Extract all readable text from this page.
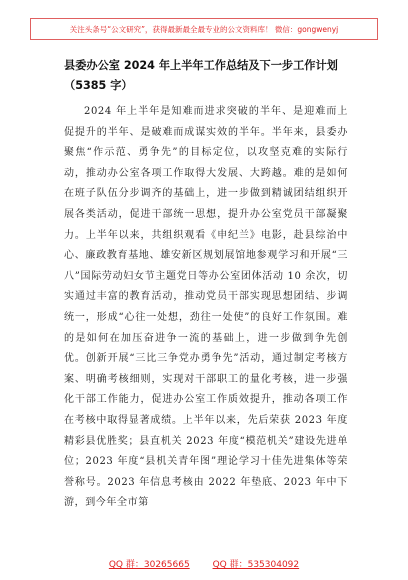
关注头条号“公文研究”，获得最新最全最专业的公文资料库！ 微信：gongwenyj
县委办公室 2024 年上半年工作总结及下一步工作计划（5385 字）

2024 年上半年是知难而进求突破的半年、是迎难而上促提升的半年、是破难而成谋实效的半年。半年来，县委办聚焦“作示范、勇争先”的目标定位，以攻坚克难的实际行动，推动办公室各项工作取得大发展、大跨越。难的是如何在班子队伍分步调齐的基础上，进一步做到精诚团结组织开展各类活动，促进干部统一思想，提升办公室党员干部凝聚力。上半年以来，共组织观看《申纪兰》电影，赴县综治中心、廉政教育基地、雄安新区规划展馆地参观学习和开展“三八”国际劳动妇女节主题党日等办公室团体活动 10 余次，切实通过丰富的教育活动，推动党员干部实现思想团结、步调统一，形成“心往一处想，劲往一处使”的良好工作氛围。难的是如何在加压奋进争一流的基础上，进一步做到争先创优。创新开展“三比三争党办勇争先”活动，通过制定考核方案、明确考核细则，实现对干部职工的量化考核，进一步强化干部工作能力，促进办公室工作质效提升，推动各项工作在考核中取得显著成绩。上半年以来，先后荣获 2023 年度精彩县优胜奖；县直机关 2023 年度“模范机关”建设先进单位；2023 年度“县机关青年图”理论学习十佳先进集体等荣誉称号。2023 年信息考核由 2022 年垫底、2023 年中下游，到今年全市第

QQ 群：30265665	QQ 群：535304092
